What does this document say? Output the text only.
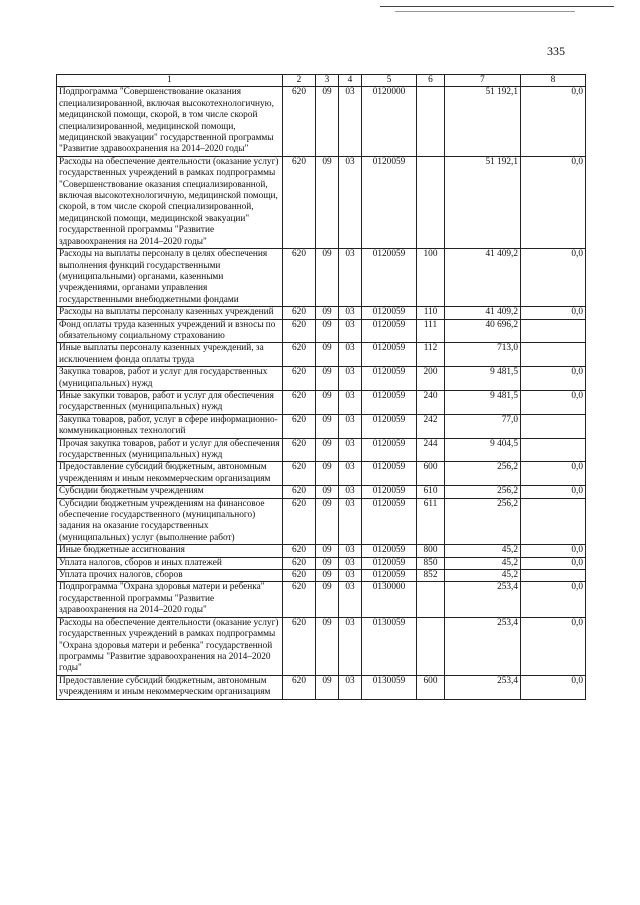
335
1	2	3	4	5	6	7	8
Подпрограмма "Совершенствование оказания специализированной, включая высокотехнологичную, медицинской помощи, скорой, в том числе скорой специализированной, медицинской помощи, медицинской эвакуации" государственной программы "Развитие здравоохранения на 2014–2020 годы"	620	09	03	0120000		51 192,1	0,0
Расходы на обеспечение деятельности (оказание услуг) государственных учреждений в рамках подпрограммы "Совершенствование оказания специализированной, включая высокотехнологичную, медицинской помощи, скорой, в том числе скорой специализированной, медицинской помощи, медицинской эвакуации" государственной программы "Развитие здравоохранения на 2014–2020 годы"	620	09	03	0120059		51 192,1	0,0
Расходы на выплаты персоналу в целях обеспечения выполнения функций государственными (муниципальными) органами, казенными учреждениями, органами управления государственными внебюджетными фондами	620	09	03	0120059	100	41 409,2	0,0
Расходы на выплаты персоналу казенных учреждений	620	09	03	0120059	110	41 409,2	0,0
Фонд оплаты труда казенных учреждений и взносы по обязательному социальному страхованию	620	09	03	0120059	111	40 696,2	
Иные выплаты персоналу казенных учреждений, за исключением фонда оплаты труда	620	09	03	0120059	112	713,0	
Закупка товаров, работ и услуг для государственных (муниципальных) нужд	620	09	03	0120059	200	9 481,5	0,0
Иные закупки товаров, работ и услуг для обеспечения государственных (муниципальных) нужд	620	09	03	0120059	240	9 481,5	0,0
Закупка товаров, работ, услуг в сфере информационно-коммуникационных технологий	620	09	03	0120059	242	77,0	
Прочая закупка товаров, работ и услуг для обеспечения государственных (муниципальных) нужд	620	09	03	0120059	244	9 404,5	
Предоставление субсидий бюджетным, автономным учреждениям и иным некоммерческим организациям	620	09	03	0120059	600	256,2	0,0
Субсидии бюджетным учреждениям	620	09	03	0120059	610	256,2	0,0
Субсидии бюджетным учреждениям на финансовое обеспечение государственного (муниципального) задания на оказание государственных (муниципальных) услуг (выполнение работ)	620	09	03	0120059	611	256,2	
Иные бюджетные ассигнования	620	09	03	0120059	800	45,2	0,0
Уплата налогов, сборов и иных платежей	620	09	03	0120059	850	45,2	0,0
Уплата прочих налогов, сборов	620	09	03	0120059	852	45,2	
Подпрограмма "Охрана здоровья матери и ребенка" государственной программы "Развитие здравоохранения на 2014–2020 годы"	620	09	03	0130000		253,4	0,0
Расходы на обеспечение деятельности (оказание услуг) государственных учреждений в рамках подпрограммы "Охрана здоровья матери и ребенка" государственной программы "Развитие здравоохранения на 2014–2020 годы"	620	09	03	0130059		253,4	0,0
Предоставление субсидий бюджетным, автономным учреждениям и иным некоммерческим организациям	620	09	03	0130059	600	253,4	0,0
